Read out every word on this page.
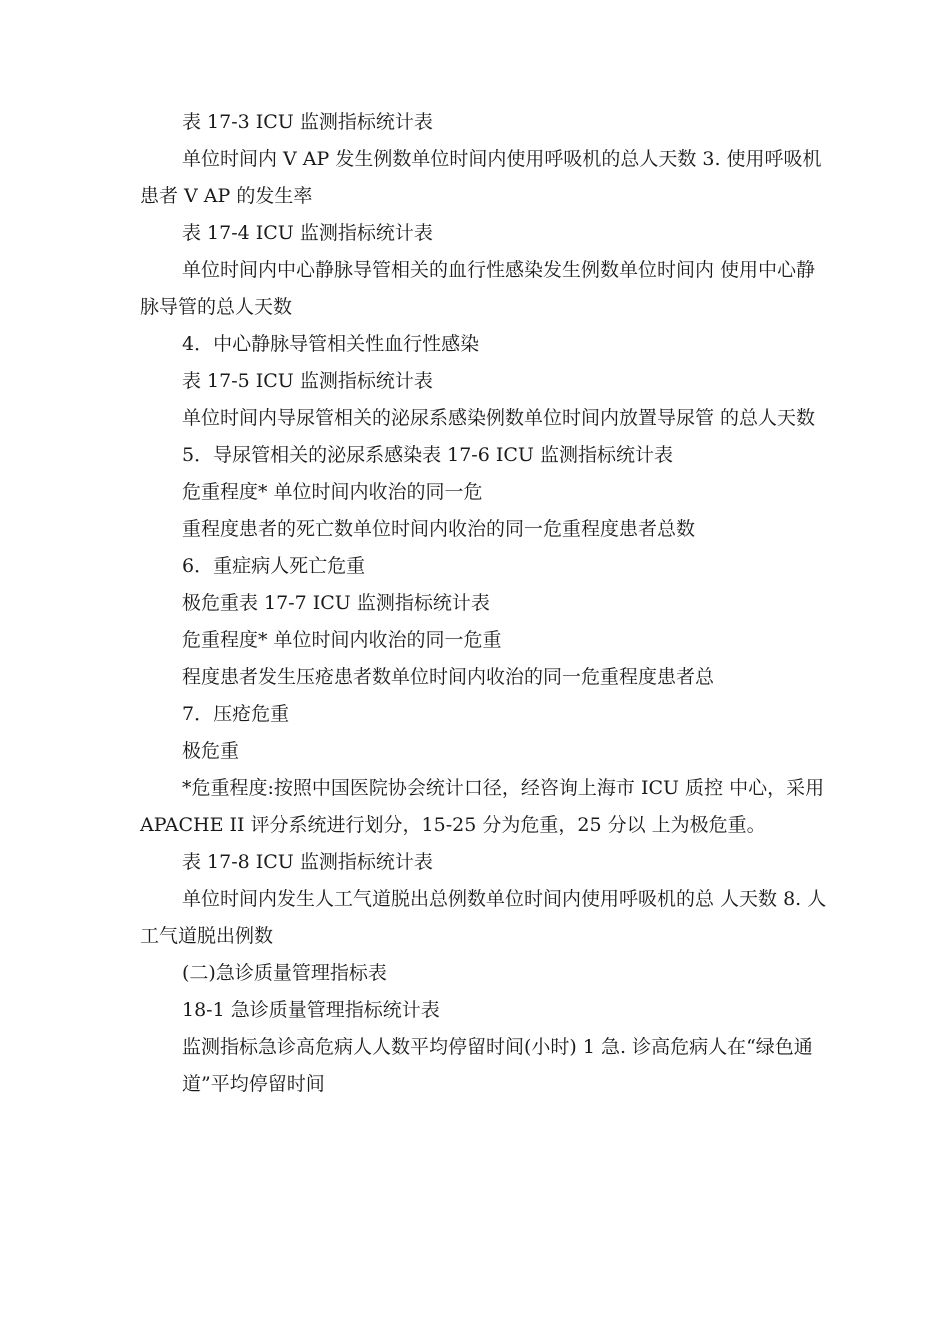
表 17-3 ICU 监测指标统计表

单位时间内 V AP 发生例数单位时间内使用呼吸机的总人天数 3. 使用呼吸机患者 V AP 的发生率

表 17-4 ICU 监测指标统计表

单位时间内中心静脉导管相关的血行性感染发生例数单位时间内 使用中心静脉导管的总人天数

4．中心静脉导管相关性血行性感染

表 17-5 ICU 监测指标统计表

单位时间内导尿管相关的泌尿系感染例数单位时间内放置导尿管 的总人天数

5．导尿管相关的泌尿系感染表 17-6 ICU 监测指标统计表

危重程度* 单位时间内收治的同一危

重程度患者的死亡数单位时间内收治的同一危重程度患者总数

6．重症病人死亡危重

极危重表 17-7 ICU 监测指标统计表

危重程度* 单位时间内收治的同一危重

程度患者发生压疮患者数单位时间内收治的同一危重程度患者总

7．压疮危重

极危重

*危重程度:按照中国医院协会统计口径，经咨询上海市 ICU 质控 中心，采用 APACHE II 评分系统进行划分，15-25 分为危重，25 分以 上为极危重。

表 17-8 ICU 监测指标统计表

单位时间内发生人工气道脱出总例数单位时间内使用呼吸机的总 人天数 8. 人工气道脱出例数

(二)急诊质量管理指标表

18-1 急诊质量管理指标统计表

监测指标急诊高危病人人数平均停留时间(小时) 1 急. 诊高危病人在“绿色通

道”平均停留时间
